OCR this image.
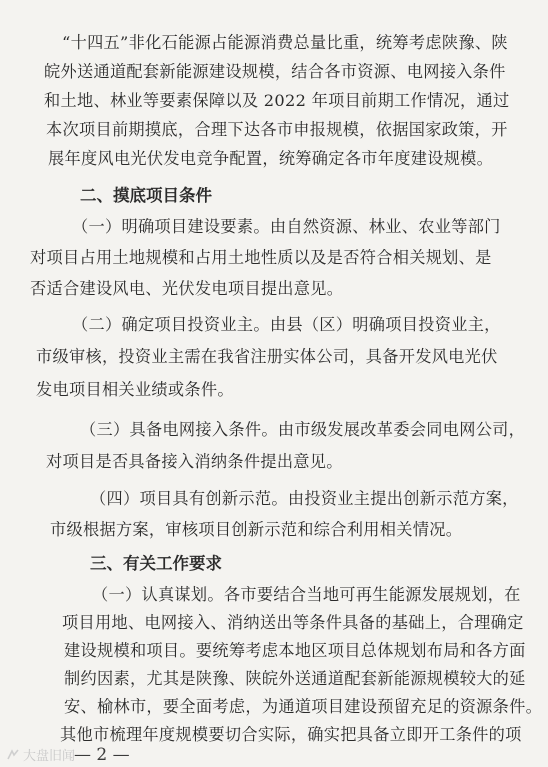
“十四五”非化石能源占能源消费总量比重，统筹考虑陕豫、陕
皖外送通道配套新能源建设规模，结合各市资源、电网接入条件
和土地、林业等要素保障以及 2022 年项目前期工作情况，通过
本次项目前期摸底，合理下达各市申报规模，依据国家政策，开
展年度风电光伏发电竞争配置，统筹确定各市年度建设规模。
二、摸底项目条件
（一）明确项目建设要素。由自然资源、林业、农业等部门
对项目占用土地规模和占用土地性质以及是否符合相关规划、是
否适合建设风电、光伏发电项目提出意见。
（二）确定项目投资业主。由县（区）明确项目投资业主，
市级审核，投资业主需在我省注册实体公司，具备开发风电光伏
发电项目相关业绩或条件。
（三）具备电网接入条件。由市级发展改革委会同电网公司，
对项目是否具备接入消纳条件提出意见。
（四）项目具有创新示范。由投资业主提出创新示范方案，
市级根据方案，审核项目创新示范和综合利用相关情况。
三、有关工作要求
（一）认真谋划。各市要结合当地可再生能源发展规划，在
项目用地、电网接入、消纳送出等条件具备的基础上，合理确定
建设规模和项目。要统筹考虑本地区项目总体规划布局和各方面
制约因素，尤其是陕豫、陕皖外送通道配套新能源规模较大的延
安、榆林市，要全面考虑，为通道项目建设预留充足的资源条件。
其他市梳理年度规模要切合实际，确实把具备立即开工条件的项
— 2 —
大盘旧闻
